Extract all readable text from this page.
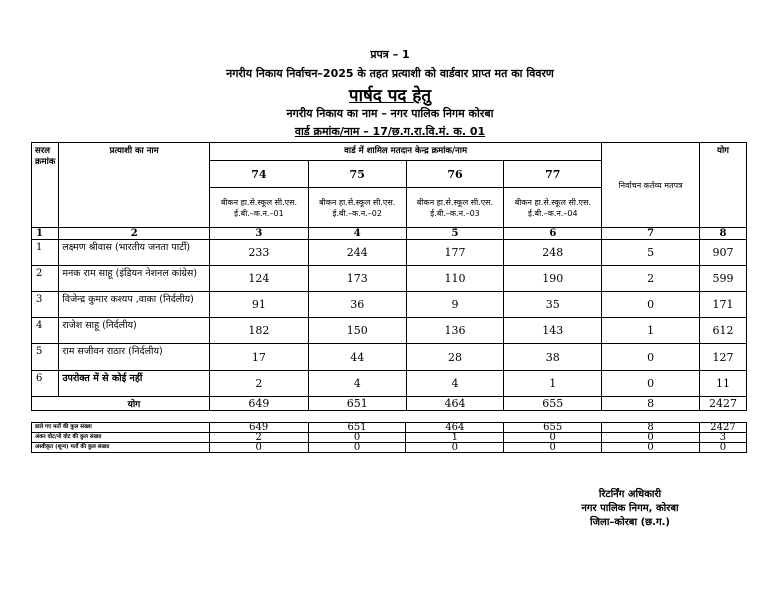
प्रपत्र – 1
नगरीय निकाय निर्वाचन–2025 के तहत प्रत्याशी को वार्डवार प्राप्त मत का विवरण
पार्षद पद हेतु
नगरीय निकाय का नाम – नगर पालिक निगम कोरबा
वार्ड क्रमांक/नाम – 17/छ.ग.रा.वि.मं. क. 01
सरल क्रमांक	प्रत्याशी का नाम	वार्ड में शामिल मतदान केन्द्र क्रमांक/नाम				निर्वाचन कर्तव्य मतपत्र	योग
		74	75	76	77		
		बीकन हा.से.स्कूल सी.एस. ई.बी.–क.न.–01	बीकन हा.से.स्कूल सी.एस. ई.बी.–क.न.–02	बीकन हा.से.स्कूल सी.एस. ई.बी.–क.न.–03	बीकन हा.से.स्कूल सी.एस. ई.बी.–क.न.–04		
1	2	3	4	5	6	7	8
1	लक्ष्मण श्रीवास (भारतीय जनता पार्टी)	233	244	177	248	5	907
2	मनक राम साहू (इंडियन नेशनल कांग्रेस)	124	173	110	190	2	599
3	विजेन्द्र कुमार कश्यप ,वाका (निर्दलीय)	91	36	9	35	0	171
4	राजेश साहू (निर्दलीय)	182	150	136	143	1	612
5	राम सजीवन राठार (निर्दलीय)	17	44	28	38	0	127
6	उपरोक्त में से कोई नहीं	2	4	4	1	0	11
	योग	649	651	464	655	8	2427
डाले गए मतों की कुल संख्या	649	651	464	655	8	2427
अंकर वोट/नो वोट की कुल संख्या	2	0	1	0	0	3
अस्वीकृत (शून्य) मतों की कुल संख्या	0	0	0	0	0	0
रिटर्निंग अधिकारी
नगर पालिक निगम, कोरबा
जिला–कोरबा (छ.ग.)
